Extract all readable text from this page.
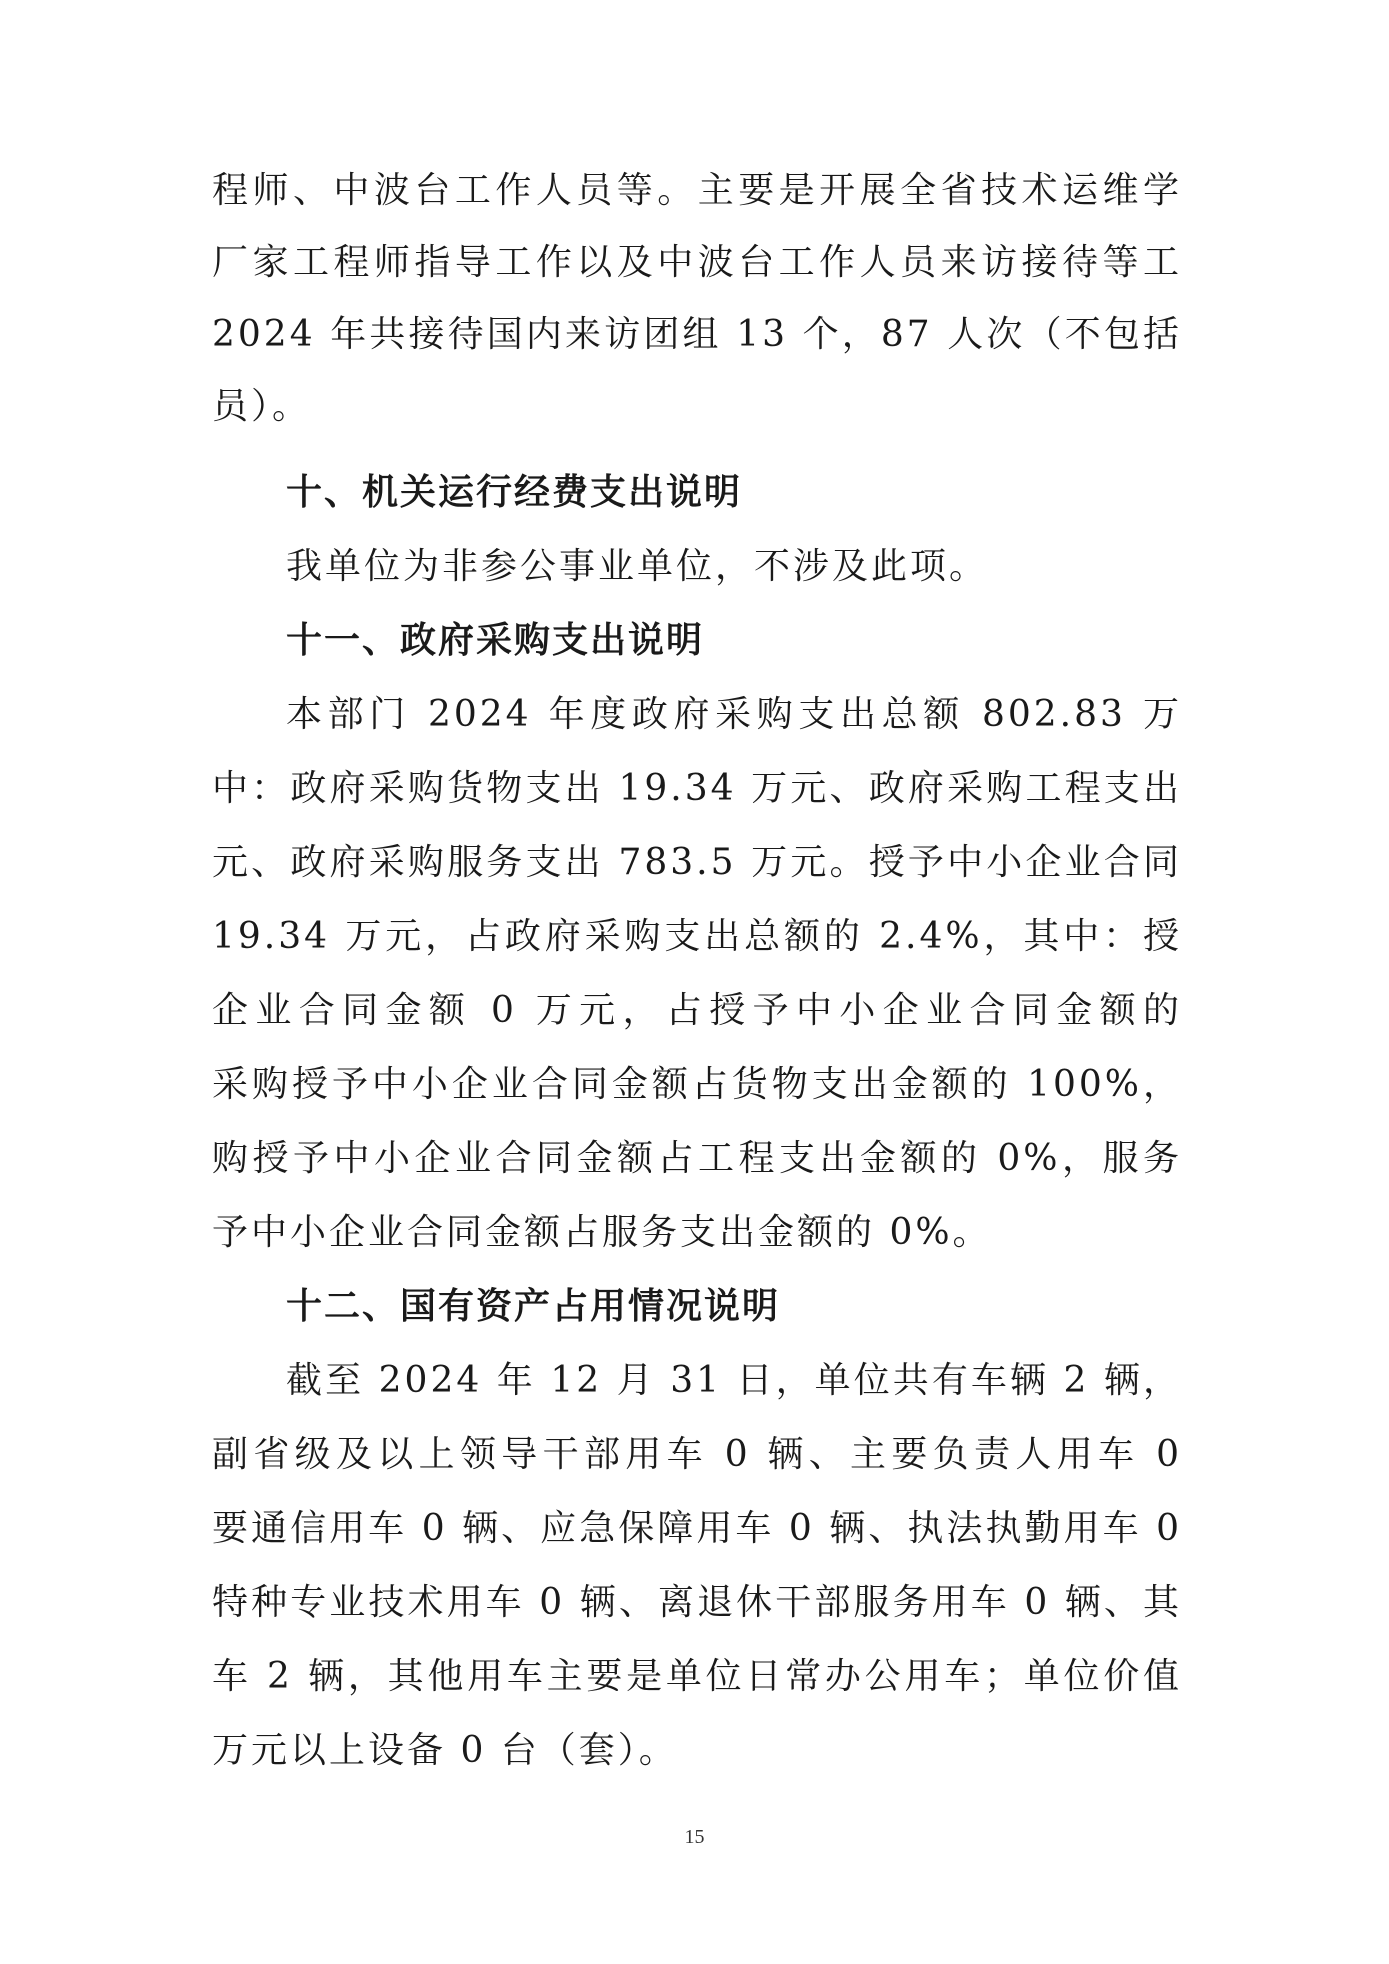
程师、中波台工作人员等。主要是开展全省技术运维学
厂家工程师指导工作以及中波台工作人员来访接待等工
2024 年共接待国内来访团组 13 个，87 人次（不包括
员）。
十、机关运行经费支出说明
我单位为非参公事业单位，不涉及此项。
十一、政府采购支出说明
本部门 2024 年度政府采购支出总额 802.83 万
中：政府采购货物支出 19.34 万元、政府采购工程支出
元、政府采购服务支出 783.5 万元。授予中小企业合同
19.34 万元，占政府采购支出总额的 2.4%，其中：授
企业合同金额 0 万元，占授予中小企业合同金额的
采购授予中小企业合同金额占货物支出金额的 100%，
购授予中小企业合同金额占工程支出金额的 0%，服务
予中小企业合同金额占服务支出金额的 0%。
十二、国有资产占用情况说明
截至 2024 年 12 月 31 日，单位共有车辆 2 辆，
副省级及以上领导干部用车 0 辆、主要负责人用车 0
要通信用车 0 辆、应急保障用车 0 辆、执法执勤用车 0
特种专业技术用车 0 辆、离退休干部服务用车 0 辆、其
车 2 辆，其他用车主要是单位日常办公用车；单位价值
万元以上设备 0 台（套）。
15
